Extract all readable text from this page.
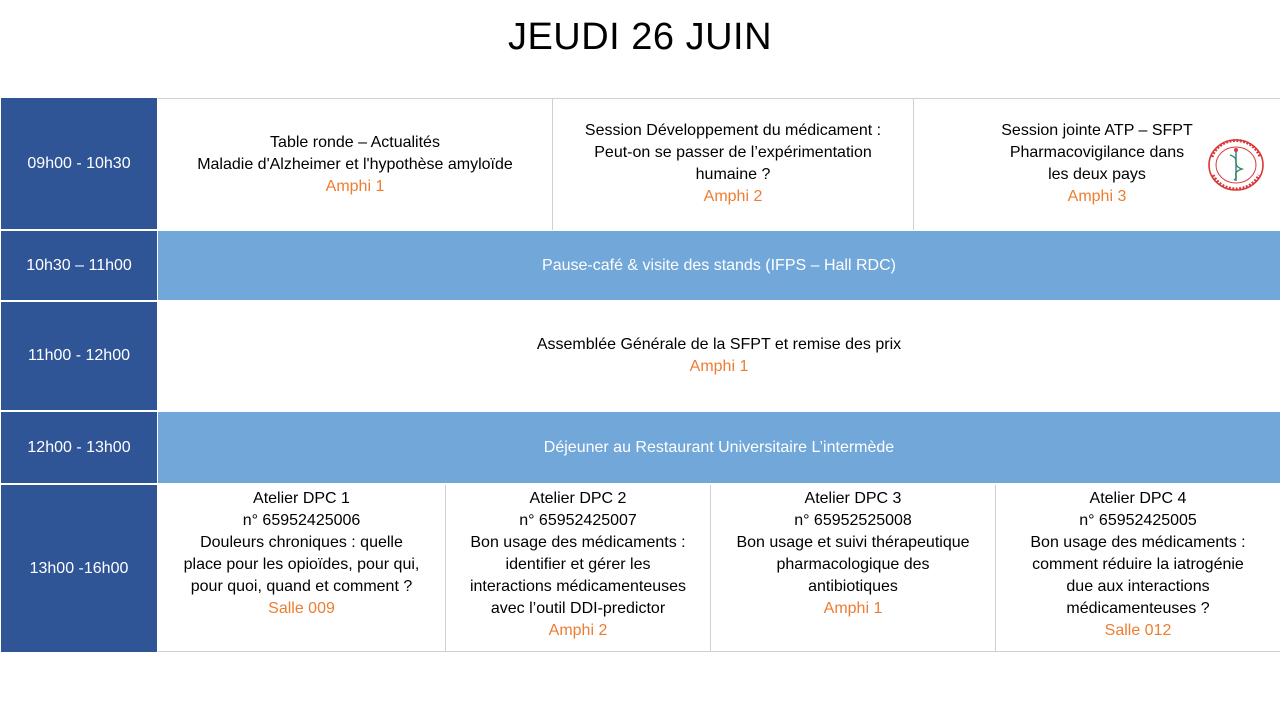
JEUDI 26 JUIN
09h00 - 10h30
10h30 – 11h00
11h00 - 12h00
12h00 - 13h00
13h00 -16h00
Table ronde – Actualités
Maladie d'Alzheimer et l'hypothèse amyloïde
Amphi 1
Session Développement du médicament :
Peut-on se passer de l’expérimentation
humaine ?
Amphi 2
Session jointe ATP – SFPT
Pharmacovigilance dans
les deux pays
Amphi 3
Pause-café & visite des stands (IFPS – Hall RDC)
Assemblée Générale de la SFPT et remise des prix
Amphi 1
Déjeuner au Restaurant Universitaire L’intermède
Atelier DPC 1
n° 65952425006
Douleurs chroniques : quelle
place pour les opioïdes, pour qui,
pour quoi, quand et comment ?
Salle 009
Atelier DPC 2
n° 65952425007
Bon usage des médicaments :
identifier et gérer les
interactions médicamenteuses
avec l’outil DDI-predictor
Amphi 2
Atelier DPC 3
n° 65952525008
Bon usage et suivi thérapeutique
pharmacologique des
antibiotiques
Amphi 1
Atelier DPC 4
n° 65952425005
Bon usage des médicaments :
comment réduire la iatrogénie
due aux interactions
médicamenteuses ?
Salle 012
